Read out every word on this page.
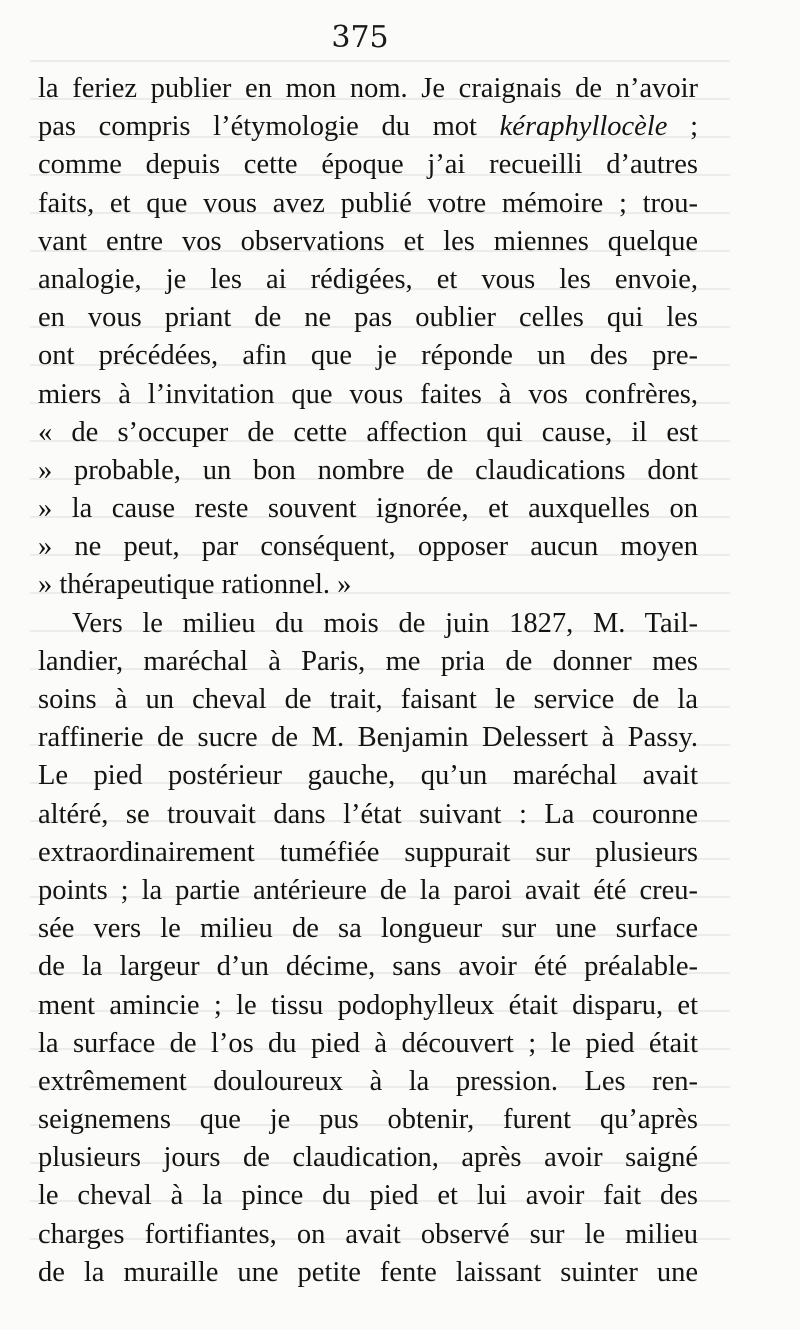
375
la feriez publier en mon nom. Je craignais de n’avoir
pas compris l’étymologie du mot kéraphyllocèle ;
comme depuis cette époque j’ai recueilli d’autres
faits, et que vous avez publié votre mémoire ; trou-
vant entre vos observations et les miennes quelque
analogie, je les ai rédigées, et vous les envoie,
en vous priant de ne pas oublier celles qui les
ont précédées, afin que je réponde un des pre-
miers à l’invitation que vous faites à vos confrères,
« de s’occuper de cette affection qui cause, il est
» probable, un bon nombre de claudications dont
» la cause reste souvent ignorée, et auxquelles on
» ne peut, par conséquent, opposer aucun moyen
» thérapeutique rationnel. »
Vers le milieu du mois de juin 1827, M. Tail-
landier, maréchal à Paris, me pria de donner mes
soins à un cheval de trait, faisant le service de la
raffinerie de sucre de M. Benjamin Delessert à Passy.
Le pied postérieur gauche, qu’un maréchal avait
altéré, se trouvait dans l’état suivant : La couronne
extraordinairement tuméfiée suppurait sur plusieurs
points ; la partie antérieure de la paroi avait été creu-
sée vers le milieu de sa longueur sur une surface
de la largeur d’un décime, sans avoir été préalable-
ment amincie ; le tissu podophylleux était disparu, et
la surface de l’os du pied à découvert ; le pied était
extrêmement douloureux à la pression. Les ren-
seignemens que je pus obtenir, furent qu’après
plusieurs jours de claudication, après avoir saigné
le cheval à la pince du pied et lui avoir fait des
charges fortifiantes, on avait observé sur le milieu
de la muraille une petite fente laissant suinter une
